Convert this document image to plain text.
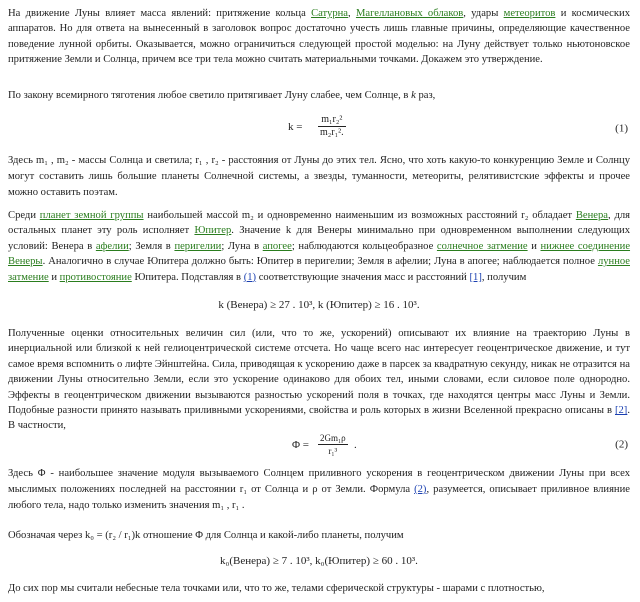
На движение Луны влияет масса явлений: притяжение кольца Сатурна, Магеллановых облаков, удары метеоритов и космических аппаратов. Но для ответа на вынесенный в заголовок вопрос достаточно учесть лишь главные причины, определяющие качественное поведение лунной орбиты. Оказывается, можно ограничиться следующей простой моделью: на Луну действует только ньютоновское притяжение Земли и Солнца, причем все три тела можно считать материальными точками. Докажем это утверждение.

По закону всемирного тяготения любое светило притягивает Луну слабее, чем Солнце, в k раз,

$k = \frac{\text{m₁r₂²}}{\text{m₂r₁².}}$	(1)

Здесь m₁ , m₂ - массы Солнца и светила; r₁ , r₂ - расстояния от Луны до этих тел. Ясно, что хоть какую-то конкуренцию Земле и Солнцу могут составить лишь большие планеты Солнечной системы, а звезды, туманности, метеориты, релятивистские эффекты и прочее можно оставить поэтам.

Среди планет земной группы наибольшей массой m₂ и одновременно наименьшим из возможных расстояний r₂ обладает Венера, для остальных планет эту роль исполняет Юпитер. Значение k для Венеры минимально при одновременном выполнении следующих условий: Венера в афелии; Земля в перигелии; Луна в апогее; наблюдаются кольцеобразное солнечное затмение и нижнее соединение Венеры. Аналогично в случае Юпитера должно быть: Юпитер в перигелии; Земля в афелии; Луна в апогее; наблюдается полное лунное затмение и противостояние Юпитера. Подставляя в (1) соответствующие значения масс и расстояний [1], получим

k (Венера) ≥ 27 . 10³, k (Юпитер) ≥ 16 . 10³.

Полученные оценки относительных величин сил (или, что то же, ускорений) описывают их влияние на траекторию Луны в инерциальной или близкой к ней гелиоцентрической системе отсчета. Но чаще всего нас интересует геоцентрическое движение, и тут самое время вспомнить о лифте Эйнштейна. Сила, приводящая к ускорению даже в парсек за квадратную секунду, никак не отразится на движении Луны относительно Земли, если это ускорение одинаково для обоих тел, иными словами, если силовое поле однородно. Эффекты в геоцентрическом движении вызываются разностью ускорений поля в точках, где находятся центры масс Луны и Земли. Подобные разности принято называть приливными ускорениями, свойства и роль которых в жизни Вселенной прекрасно описаны в [2]. В частности,

$\Phi = \frac{\text{2Gm₁ρ}}{\text{r₁³}}$ .	(2)

Здесь Φ - наибольшее значение модуля вызываемого Солнцем приливного ускорения в геоцентрическом движении Луны при всех мыслимых положениях последней на расстоянии r₁ от Солнца и ρ от Земли. Формула (2), разумеется, описывает приливное влияние любого тела, надо только изменить значения m₁ , r₁ .

Обозначая через k₀ = (r₂ / r₁)k отношение Φ для Солнца и какой-либо планеты, получим

k₀(Венера) ≥ 7 . 10³, k₀(Юпитер) ≥ 60 . 10³.

До сих пор мы считали небесные тела точками или, что то же, телами сферической структуры - шарами с плотностью,
